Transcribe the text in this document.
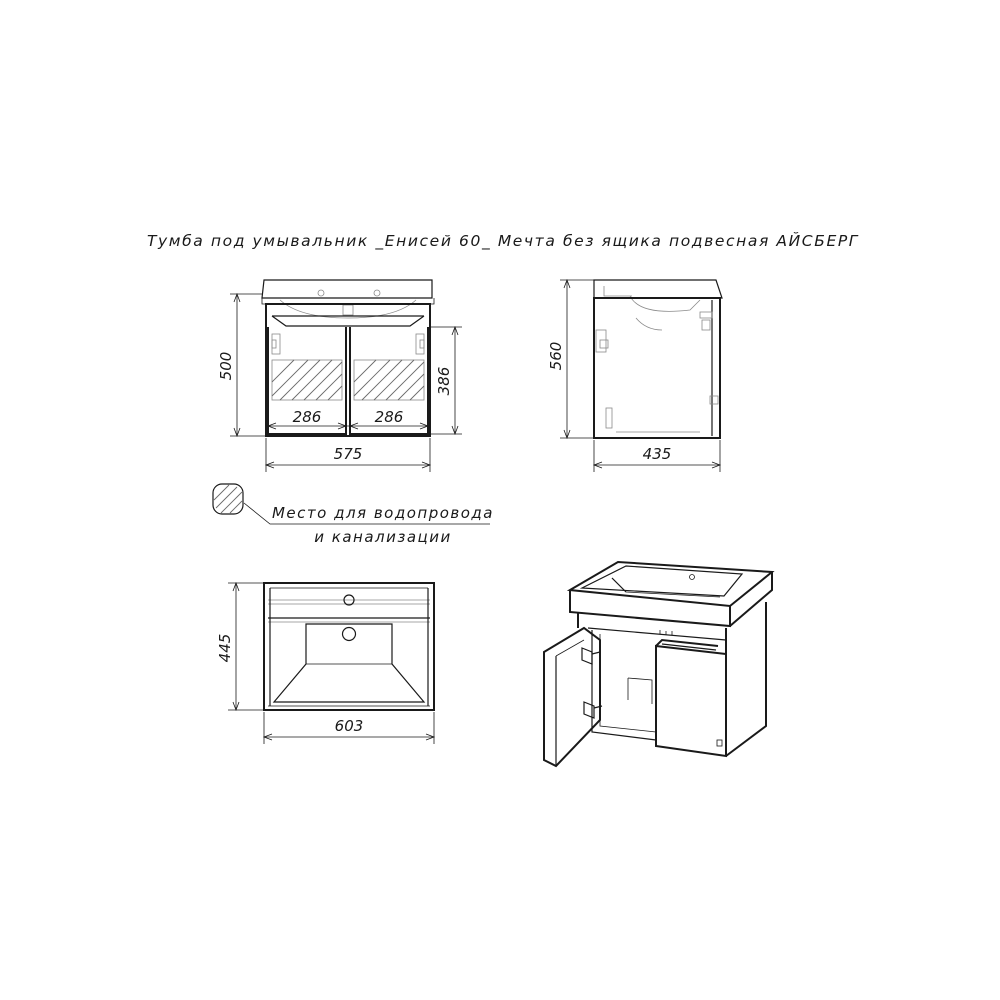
Тумба под умывальник _Енисей 60_ Мечта без ящика подвесная АЙСБЕРГ
500
386
286	286
575
560
435
Место для водопровода
и канализации
445
603
